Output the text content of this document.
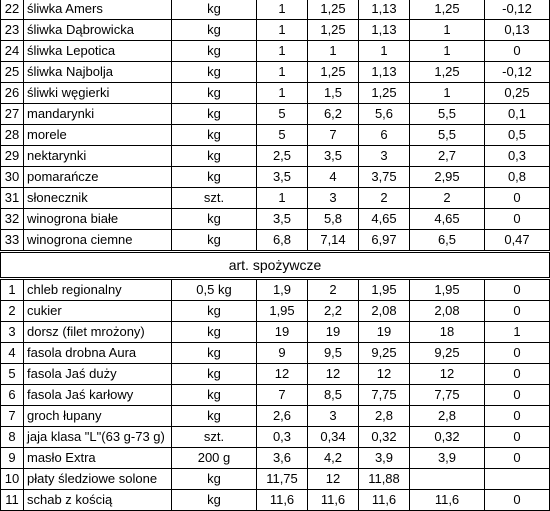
22	śliwka Amers	kg	1	1,25	1,13	1,25	-0,12
23	śliwka Dąbrowicka	kg	1	1,25	1,13	1	0,13
24	śliwka Lepotica	kg	1	1	1	1	0
25	śliwka Najbolja	kg	1	1,25	1,13	1,25	-0,12
26	śliwki węgierki	kg	1	1,5	1,25	1	0,25
27	mandarynki	kg	5	6,2	5,6	5,5	0,1
28	morele	kg	5	7	6	5,5	0,5
29	nektarynki	kg	2,5	3,5	3	2,7	0,3
30	pomarańcze	kg	3,5	4	3,75	2,95	0,8
31	słonecznik	szt.	1	3	2	2	0
32	winogrona białe	kg	3,5	5,8	4,65	4,65	0
33	winogrona ciemne	kg	6,8	7,14	6,97	6,5	0,47
art. spożywcze							
1	chleb regionalny	0,5 kg	1,9	2	1,95	1,95	0
2	cukier	kg	1,95	2,2	2,08	2,08	0
3	dorsz (filet mrożony)	kg	19	19	19	18	1
4	fasola drobna Aura	kg	9	9,5	9,25	9,25	0
5	fasola Jaś duży	kg	12	12	12	12	0
6	fasola Jaś karłowy	kg	7	8,5	7,75	7,75	0
7	groch łupany	kg	2,6	3	2,8	2,8	0
8	jaja klasa "L"(63 g-73 g)	szt.	0,3	0,34	0,32	0,32	0
9	masło Extra	200 g	3,6	4,2	3,9	3,9	0
10	płaty śledziowe solone	kg	11,75	12	11,88		
11	schab z kością	kg	11,6	11,6	11,6	11,6	0
